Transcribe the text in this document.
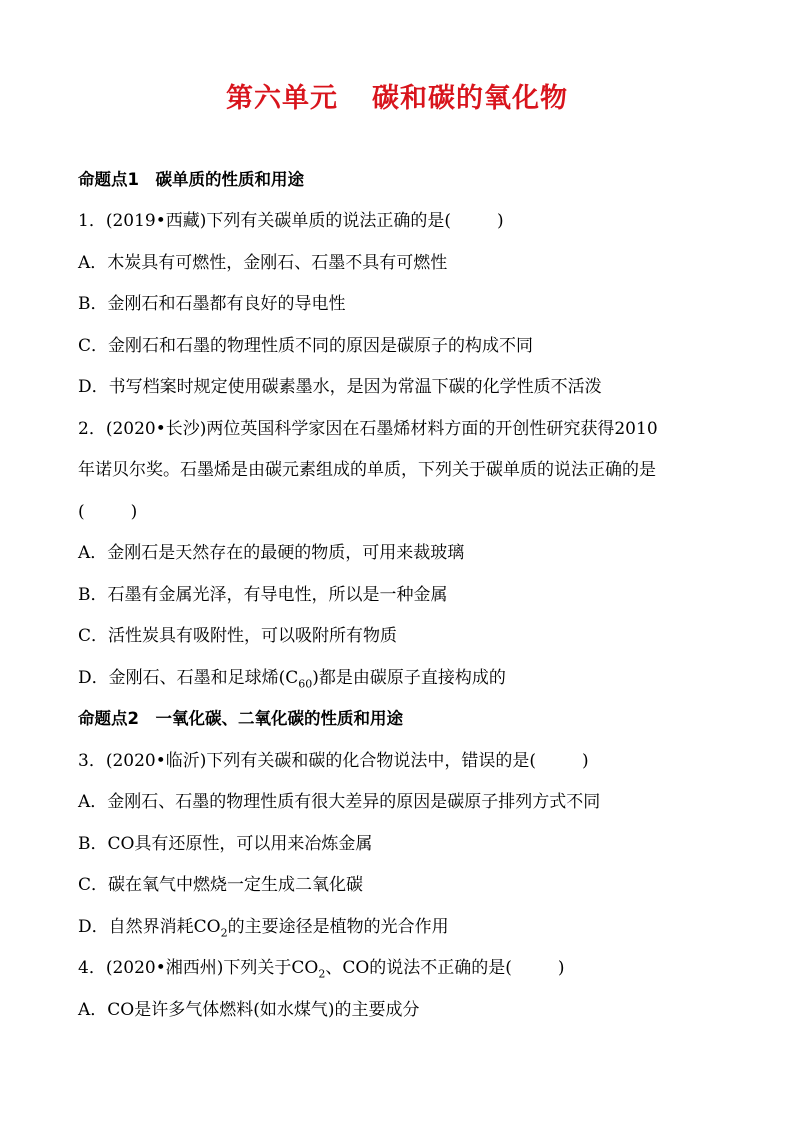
第六单元 碳和碳的氧化物
命题点1　碳单质的性质和用途
1．(2019•西藏)下列有关碳单质的说法正确的是(	)
A．木炭具有可燃性，金刚石、石墨不具有可燃性
B．金刚石和石墨都有良好的导电性
C．金刚石和石墨的物理性质不同的原因是碳原子的构成不同
D．书写档案时规定使用碳素墨水，是因为常温下碳的化学性质不活泼
2．(2020•长沙)两位英国科学家因在石墨烯材料方面的开创性研究获得2010
年诺贝尔奖。石墨烯是由碳元素组成的单质，下列关于碳单质的说法正确的是
(	)
A．金刚石是天然存在的最硬的物质，可用来裁玻璃
B．石墨有金属光泽，有导电性，所以是一种金属
C．活性炭具有吸附性，可以吸附所有物质
D．金刚石、石墨和足球烯$(C_{60})$都是由碳原子直接构成的
命题点2　一氧化碳、二氧化碳的性质和用途
3．(2020•临沂)下列有关碳和碳的化合物说法中，错误的是(	)
A．金刚石、石墨的物理性质有很大差异的原因是碳原子排列方式不同
B．CO具有还原性，可以用来冶炼金属
C．碳在氧气中燃烧一定生成二氧化碳
D．自然界消耗$CO_2$的主要途径是植物的光合作用
4．(2020•湘西州)下列关于$CO_2$、CO的说法不正确的是(	)
A．CO是许多气体燃料(如水煤气)的主要成分
